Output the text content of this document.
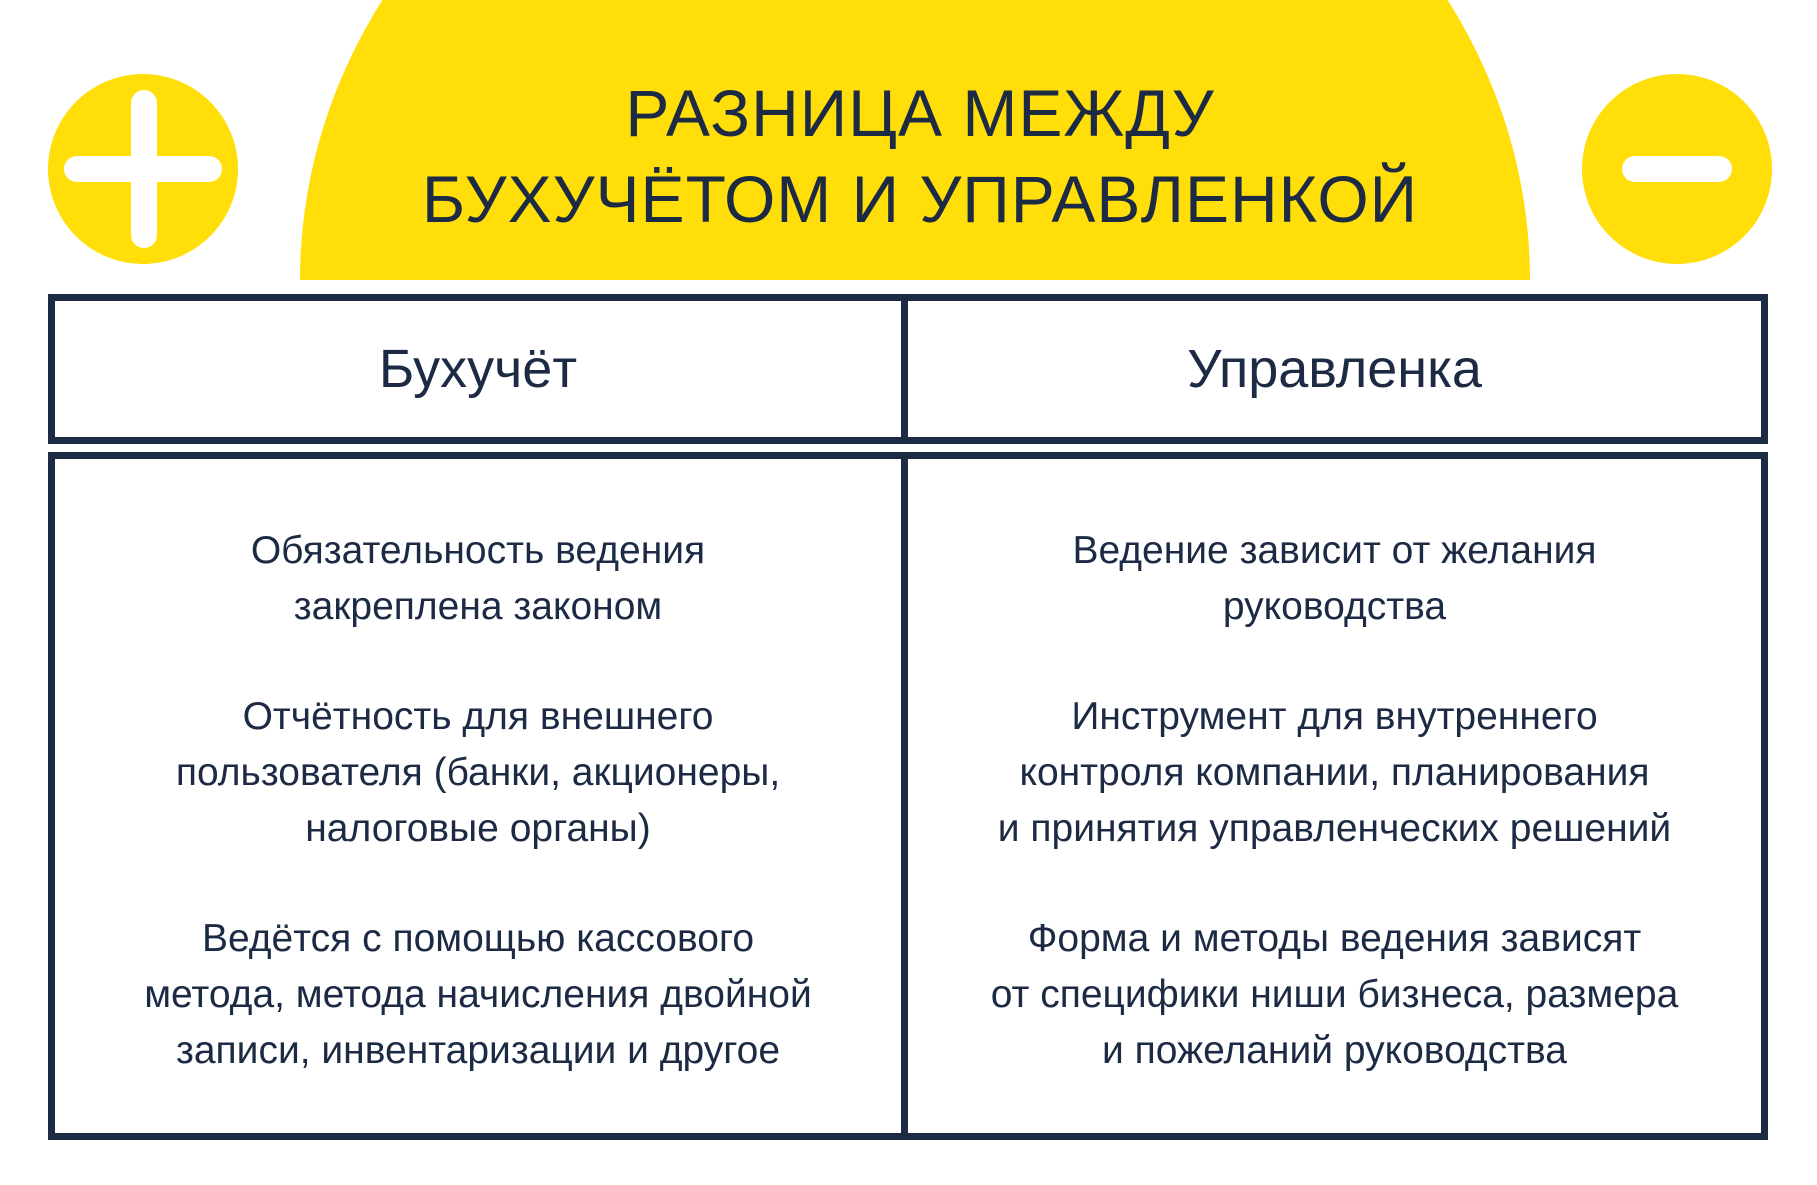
РАЗНИЦА МЕЖДУ
БУХУЧЁТОМ И УПРАВЛЕНКОЙ
Бухучёт	Управленка
Обязательность ведения
закреплена законом
Отчётность для внешнего
пользователя (банки, акционеры,
налоговые органы)
Ведётся с помощью кассового
метода, метода начисления двойной
записи, инвентаризации и другое
Ведение зависит от желания
руководства
Инструмент для внутреннего
контроля компании, планирования
и принятия управленческих решений
Форма и методы ведения зависят
от специфики ниши бизнеса, размера
и пожеланий руководства
